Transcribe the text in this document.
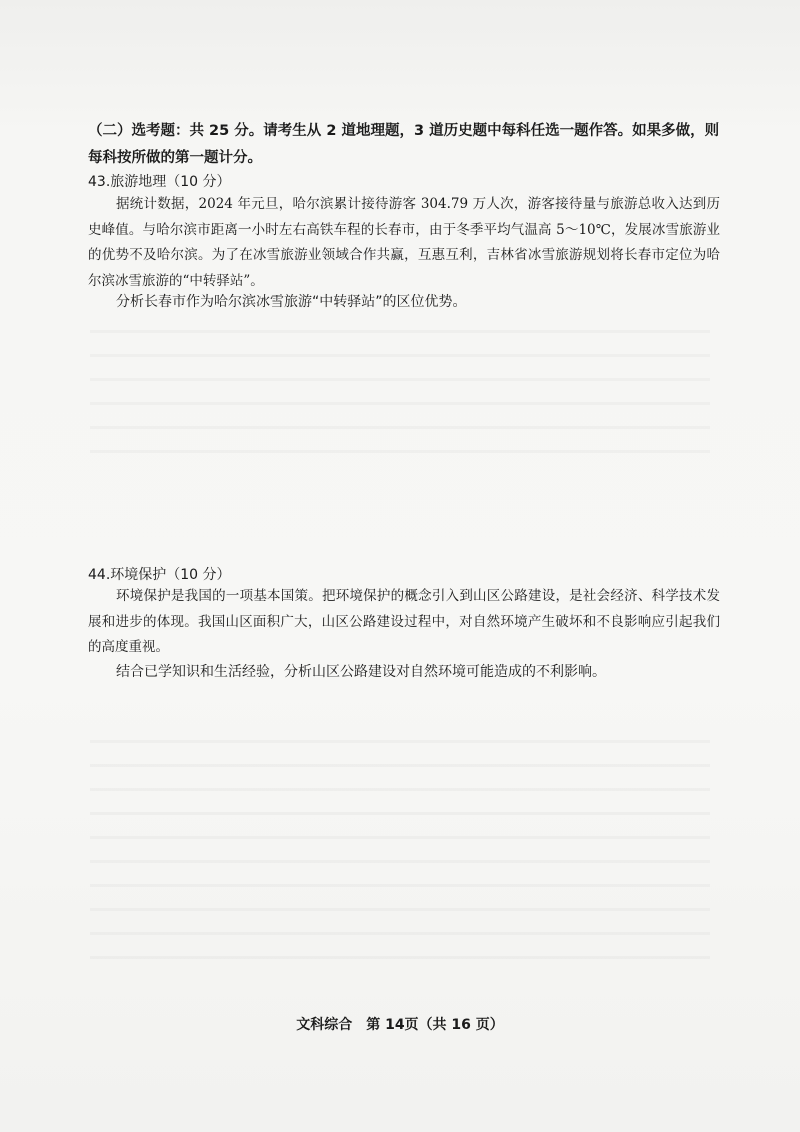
（二）选考题：共 25 分。请考生从 2 道地理题，3 道历史题中每科任选一题作答。如果多做，则每科按所做的第一题计分。
43.旅游地理（10 分）
据统计数据，2024 年元旦，哈尔滨累计接待游客 304.79 万人次，游客接待量与旅游总收入达到历史峰值。与哈尔滨市距离一小时左右高铁车程的长春市，由于冬季平均气温高 5～10℃，发展冰雪旅游业的优势不及哈尔滨。为了在冰雪旅游业领域合作共赢，互惠互利，吉林省冰雪旅游规划将长春市定位为哈尔滨冰雪旅游的“中转驿站”。
分析长春市作为哈尔滨冰雪旅游“中转驿站”的区位优势。
44.环境保护（10 分）
环境保护是我国的一项基本国策。把环境保护的概念引入到山区公路建设，是社会经济、科学技术发展和进步的体现。我国山区面积广大，山区公路建设过程中，对自然环境产生破坏和不良影响应引起我们的高度重视。
结合已学知识和生活经验，分析山区公路建设对自然环境可能造成的不利影响。
文科综合　第 14页（共 16 页）
